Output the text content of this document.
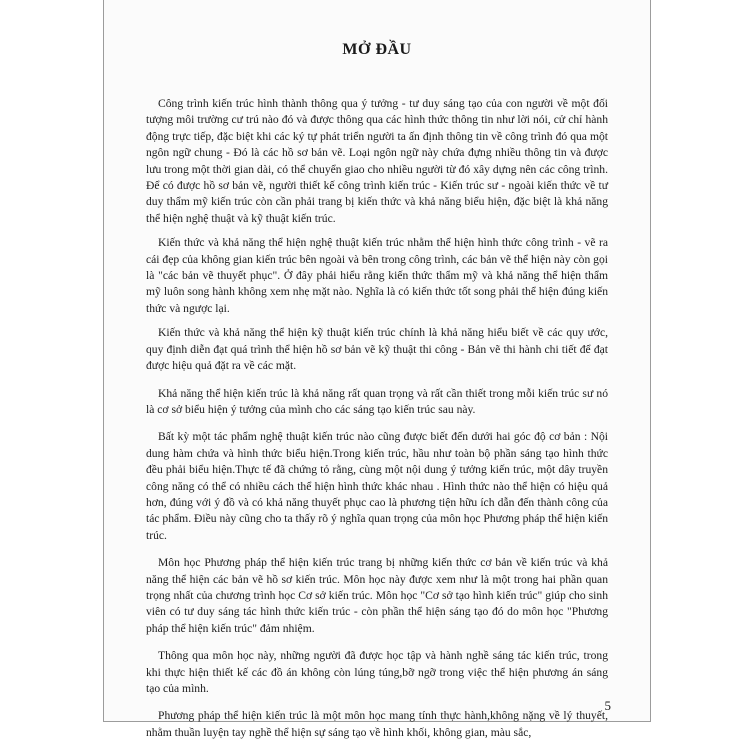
MỞ ĐẦU

Công trình kiến trúc hình thành thông qua ý tưởng - tư duy sáng tạo của con người về một đối tượng môi trường cư trú nào đó và được thông qua các hình thức thông tin như lời nói, cử chỉ hành động trực tiếp, đặc biệt khi các ký tự phát triển người ta ấn định thông tin về công trình đó qua một ngôn ngữ chung - Đó là các hồ sơ bản vẽ. Loại ngôn ngữ này chứa đựng nhiều thông tin và được lưu trong một thời gian dài, có thể chuyển giao cho nhiều người từ đó xây dựng nên các công trình. Để có được hồ sơ bản vẽ, người thiết kế công trình kiến trúc - Kiến trúc sư - ngoài kiến thức về tư duy thẩm mỹ kiến trúc còn cần phải trang bị kiến thức và khả năng biểu hiện, đặc biệt là khả năng thể hiện nghệ thuật và kỹ thuật kiến trúc.

Kiến thức và khả năng thể hiện nghệ thuật kiến trúc nhằm thể hiện hình thức công trình - vẽ ra cái đẹp của không gian kiến trúc bên ngoài và bên trong công trình, các bản vẽ thể hiện này còn gọi là "các bản vẽ thuyết phục". Ở đây phải hiểu rằng kiến thức thẩm mỹ và khả năng thể hiện thẩm mỹ luôn song hành không xem nhẹ mặt nào. Nghĩa là có kiến thức tốt song phải thể hiện đúng kiến thức và ngược lại.

Kiến thức và khả năng thể hiện kỹ thuật kiến trúc chính là khả năng hiểu biết về các quy ước, quy định diễn đạt quá trình thể hiện hồ sơ bản vẽ kỹ thuật thi công - Bản vẽ thi hành chi tiết để đạt được hiệu quả đặt ra về các mặt.

Khả năng thể hiện kiến trúc là khả năng rất quan trọng và rất cần thiết trong mỗi kiến trúc sư nó là cơ sở biểu hiện ý tưởng của mình cho các sáng tạo kiến trúc sau này.

Bất kỳ một tác phẩm nghệ thuật kiến trúc nào cũng được biết đến dưới hai góc độ cơ bản : Nội dung hàm chứa và hình thức biểu hiện.Trong kiến trúc, hầu như toàn bộ phần sáng tạo hình thức đều phải biểu hiện.Thực tế đã chứng tỏ rằng, cùng một nội dung ý tưởng kiến trúc, một dây truyền công năng có thể có nhiều cách thể hiện hình thức khác nhau . Hình thức nào thể hiện có hiệu quả hơn, đúng với ý đồ và có khả năng thuyết phục cao là phương tiện hữu ích dẫn đến thành công của tác phẩm. Điều này cũng cho ta thấy rõ ý nghĩa quan trọng của môn học Phương pháp thể hiện kiến trúc.

Môn học Phương pháp thể hiện kiến trúc trang bị những kiến thức cơ bản về kiến trúc và khả năng thể hiện các bản vẽ hồ sơ kiến trúc. Môn học này được xem như là một trong hai phần quan trọng nhất của chương trình học Cơ sở kiến trúc. Môn học "Cơ sở tạo hình kiến trúc" giúp cho sinh viên có tư duy sáng tác hình thức kiến trúc - còn phần thể hiện sáng tạo đó do môn học "Phương pháp thể hiện kiến trúc" đảm nhiệm.

Thông qua môn học này, những người đã được học tập và hành nghề sáng tác kiến trúc, trong khi thực hiện thiết kế các đồ án không còn lúng túng,bỡ ngỡ trong việc thể hiện phương án sáng tạo của mình.

Phương pháp thể hiện kiến trúc là một môn học mang tính thực hành,không nặng về lý thuyết, nhằm thuần luyện tay nghề thể hiện sự sáng tạo về hình khối, không gian, màu sắc,

5
